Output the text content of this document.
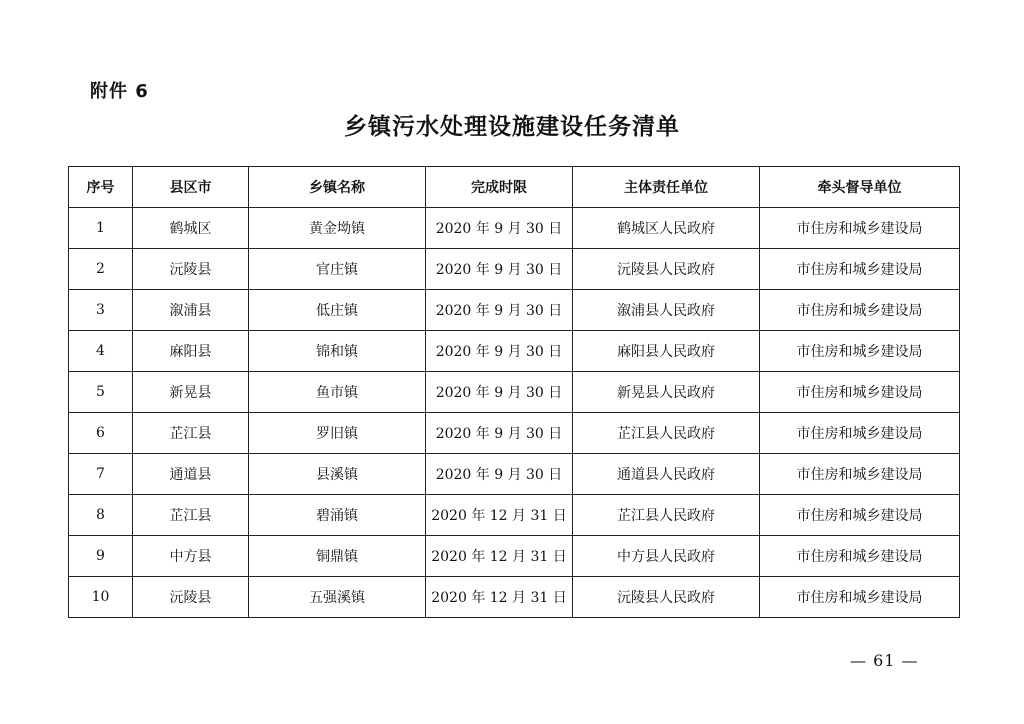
附件 6
乡镇污水处理设施建设任务清单
序号	县区市	乡镇名称	完成时限	主体责任单位	牵头督导单位
1	鹤城区	黄金坳镇	2020 年 9 月 30 日	鹤城区人民政府	市住房和城乡建设局
2	沅陵县	官庄镇	2020 年 9 月 30 日	沅陵县人民政府	市住房和城乡建设局
3	溆浦县	低庄镇	2020 年 9 月 30 日	溆浦县人民政府	市住房和城乡建设局
4	麻阳县	锦和镇	2020 年 9 月 30 日	麻阳县人民政府	市住房和城乡建设局
5	新晃县	鱼市镇	2020 年 9 月 30 日	新晃县人民政府	市住房和城乡建设局
6	芷江县	罗旧镇	2020 年 9 月 30 日	芷江县人民政府	市住房和城乡建设局
7	通道县	县溪镇	2020 年 9 月 30 日	通道县人民政府	市住房和城乡建设局
8	芷江县	碧涌镇	2020 年 12 月 31 日	芷江县人民政府	市住房和城乡建设局
9	中方县	铜鼎镇	2020 年 12 月 31 日	中方县人民政府	市住房和城乡建设局
10	沅陵县	五强溪镇	2020 年 12 月 31 日	沅陵县人民政府	市住房和城乡建设局
— 61 —
